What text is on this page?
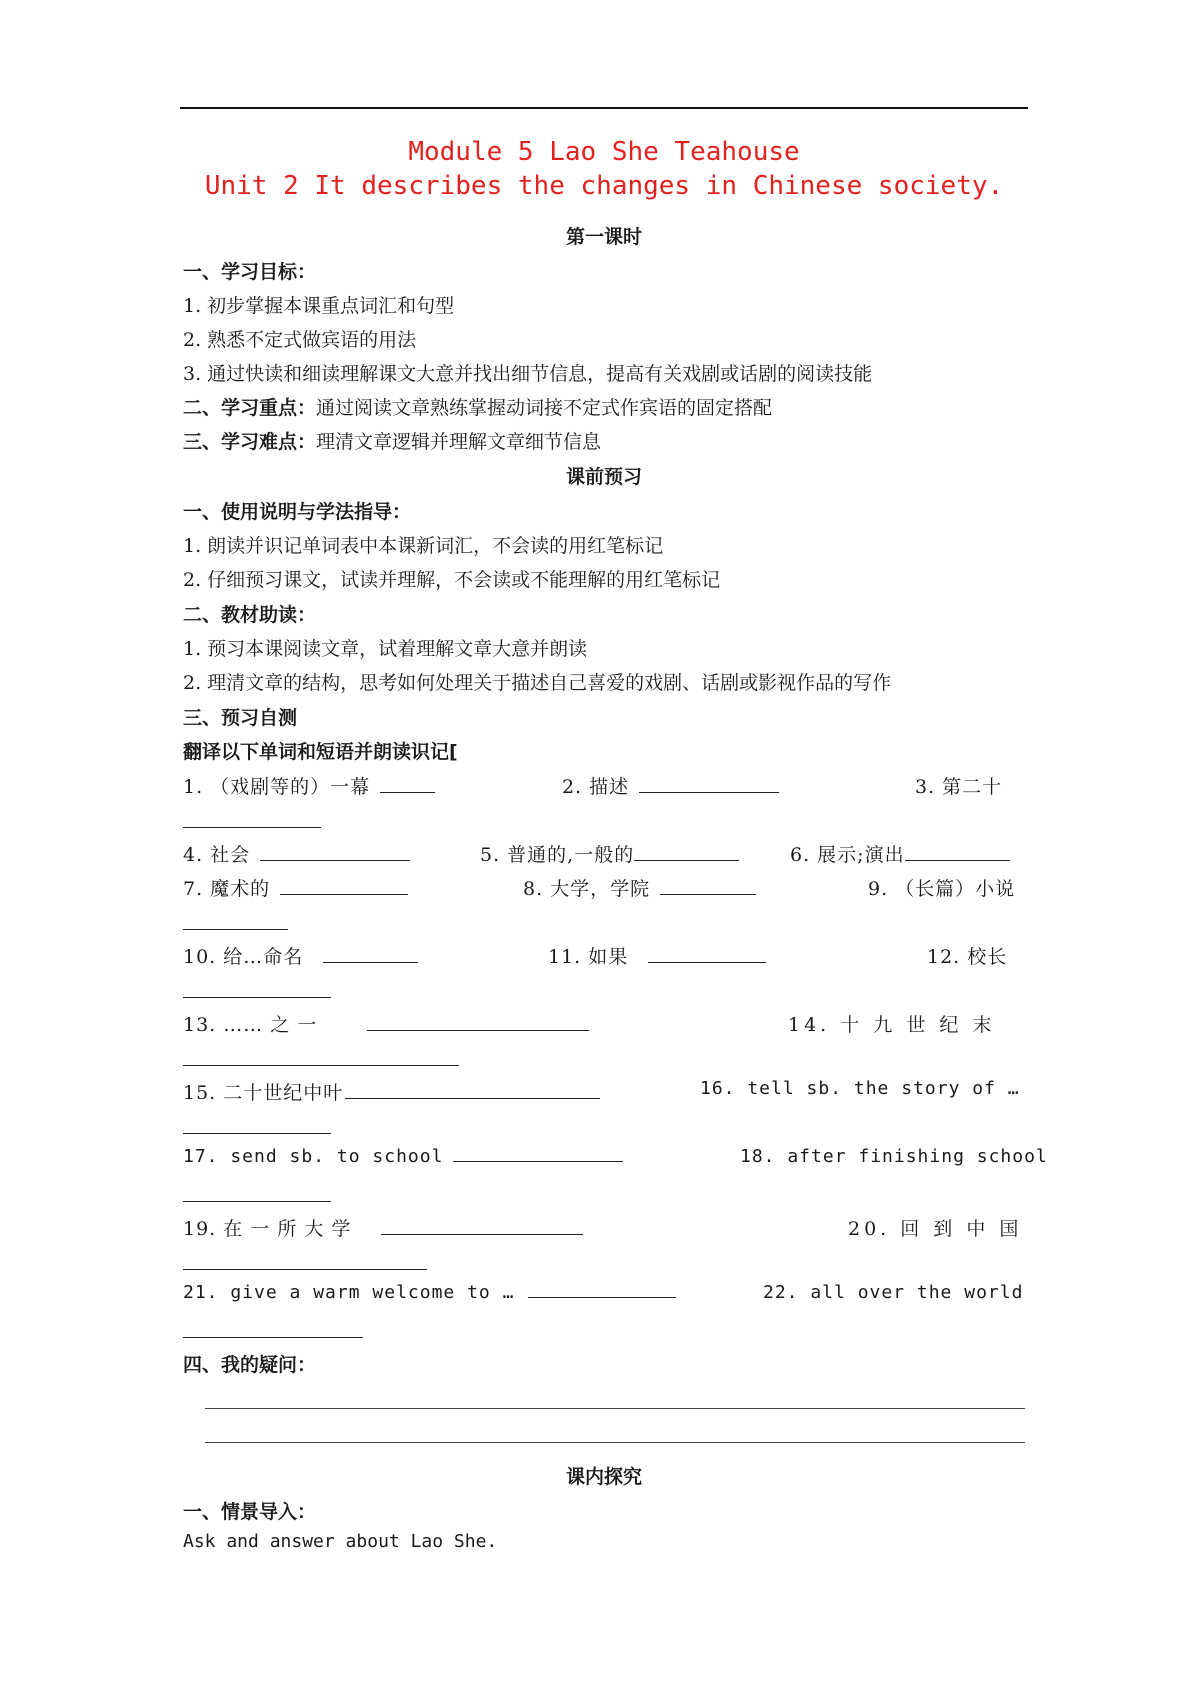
Module 5 Lao She Teahouse
Unit 2 It describes the changes in Chinese society.
第一课时
一、学习目标：
1. 初步掌握本课重点词汇和句型
2. 熟悉不定式做宾语的用法
3. 通过快读和细读理解课文大意并找出细节信息，提高有关戏剧或话剧的阅读技能
二、学习重点：通过阅读文章熟练掌握动词接不定式作宾语的固定搭配
三、学习难点：理清文章逻辑并理解文章细节信息
课前预习
一、使用说明与学法指导：
1. 朗读并识记单词表中本课新词汇，不会读的用红笔标记
2. 仔细预习课文，试读并理解，不会读或不能理解的用红笔标记
二、教材助读：
1. 预习本课阅读文章，试着理解文章大意并朗读
2. 理清文章的结构，思考如何处理关于描述自己喜爱的戏剧、话剧或影视作品的写作
三、预习自测
翻译以下单词和短语并朗读识记[
1. （戏剧等的）一幕	2. 描述	3. 第二十
4. 社会	5. 普通的,一般的	6. 展示;演出
7. 魔术的	8. 大学，学院	9. （长篇）小说
10. 给…命名	11. 如果	12. 校长
13. …… 之 一	14. 十 九 世 纪 末
15. 二十世纪中叶	16. tell sb. the story of …
17. send sb. to school	18. after finishing school
19. 在 一 所 大 学	20. 回 到 中 国
21. give a warm welcome to …	22. all over the world
四、我的疑问：
课内探究
一、情景导入：
Ask and answer about Lao She.
